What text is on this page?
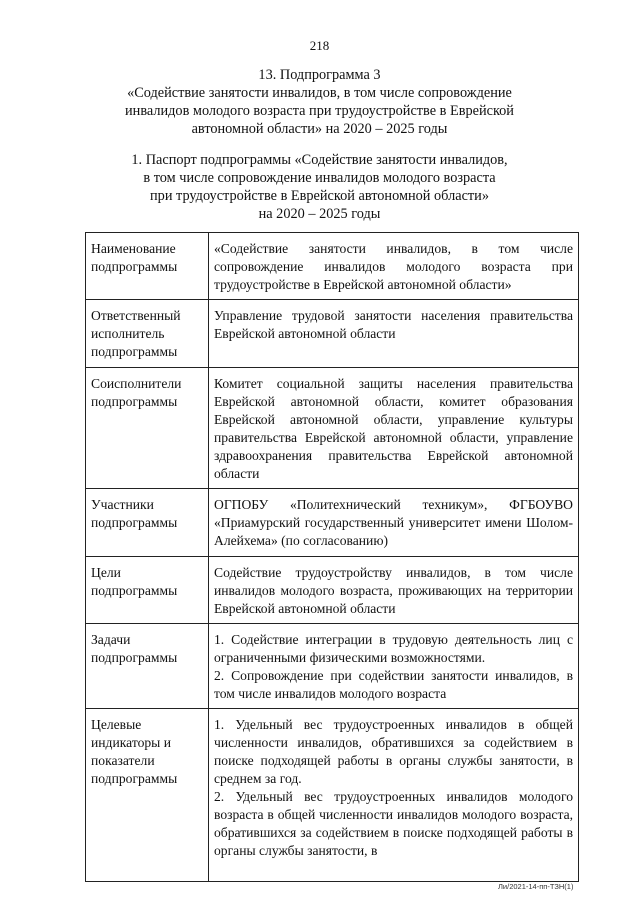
218
13. Подпрограмма 3
«Содействие занятости инвалидов, в том числе сопровождение
инвалидов молодого возраста при трудоустройстве в Еврейской
автономной области» на 2020 – 2025 годы
1. Паспорт подпрограммы «Содействие занятости инвалидов,
в том числе сопровождение инвалидов молодого возраста
при трудоустройстве в Еврейской автономной области»
на 2020 – 2025 годы
Наименование подпрограммы	«Содействие занятости инвалидов, в том числе сопровождение инвалидов молодого возраста при трудоустройстве в Еврейской автономной области»

Ответственный исполнитель подпрограммы	Управление трудовой занятости населения правительства Еврейской автономной области

Соисполнители подпрограммы	Комитет социальной защиты населения правительства Еврейской автономной области, комитет образования Еврейской автономной области, управление культуры правительства Еврейской автономной области, управление здравоохранения правительства Еврейской автономной области

Участники подпрограммы	ОГПОБУ «Политехнический техникум», ФГБОУВО «Приамурский государственный университет имени Шолом-Алейхема» (по согласованию)

Цели подпрограммы	Содействие трудоустройству инвалидов, в том числе инвалидов молодого возраста, проживающих на территории Еврейской автономной области

Задачи подпрограммы	1. Содействие интеграции в трудовую деятельность лиц с ограниченными физическими возможностями.
2. Сопровождение при содействии занятости инвалидов, в том числе инвалидов молодого возраста

Целевые индикаторы и показатели подпрограммы	1. Удельный вес трудоустроенных инвалидов в общей численности инвалидов, обратившихся за содействием в поиске подходящей работы в органы службы занятости, в среднем за год.
2. Удельный вес трудоустроенных инвалидов молодого возраста в общей численности инвалидов молодого возраста, обратившихся за содействием в поиске подходящей работы в органы службы занятости, в
Ли/2021-14-пп-ТЗН(1)
